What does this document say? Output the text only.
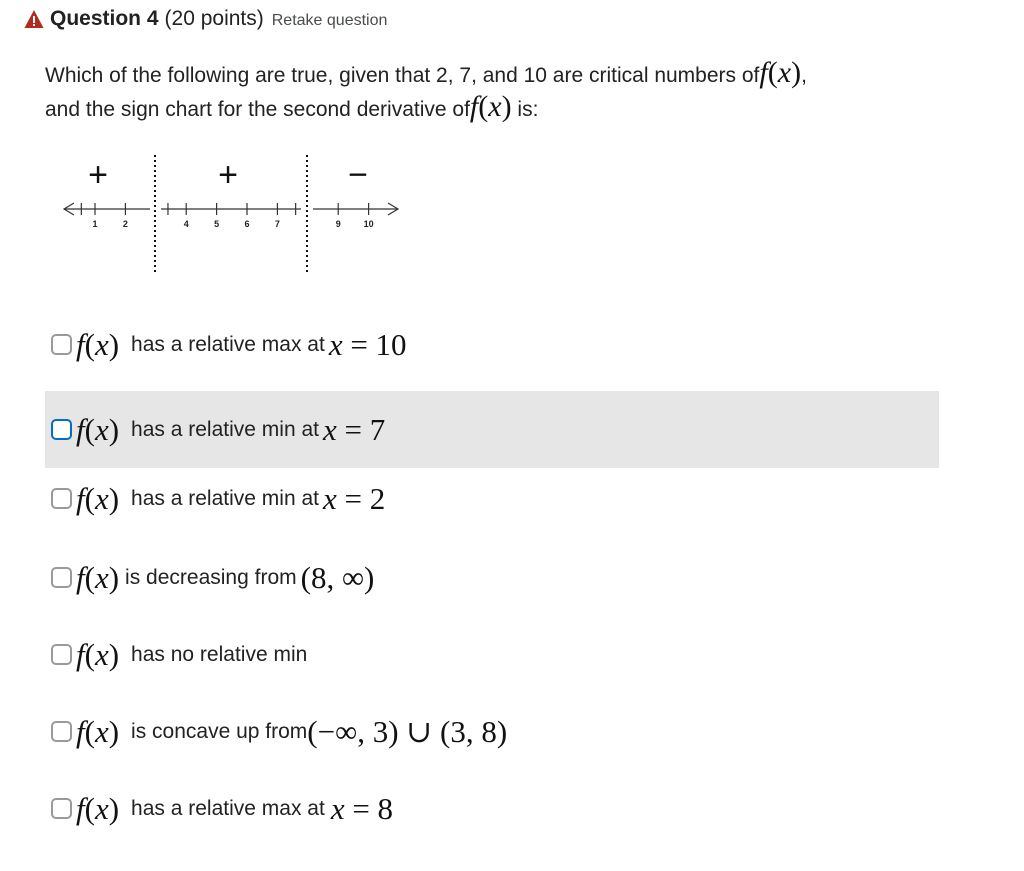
Question 4 (20 points) Retake question
Which of the following are true, given that 2, 7, and 10 are critical numbers off(x),
and the sign chart for the second derivative off(x) is:
+	+	−
1	2	4	5	6	7	9	10
f(x) has a relative max at x = 10
f(x) has a relative min at x = 7
f(x) has a relative min at x = 2
f(x) is decreasing from (8, ∞)
f(x) has no relative min
f(x) is concave up from (−∞, 3) ∪ (3, 8)
f(x) has a relative max at x = 8
